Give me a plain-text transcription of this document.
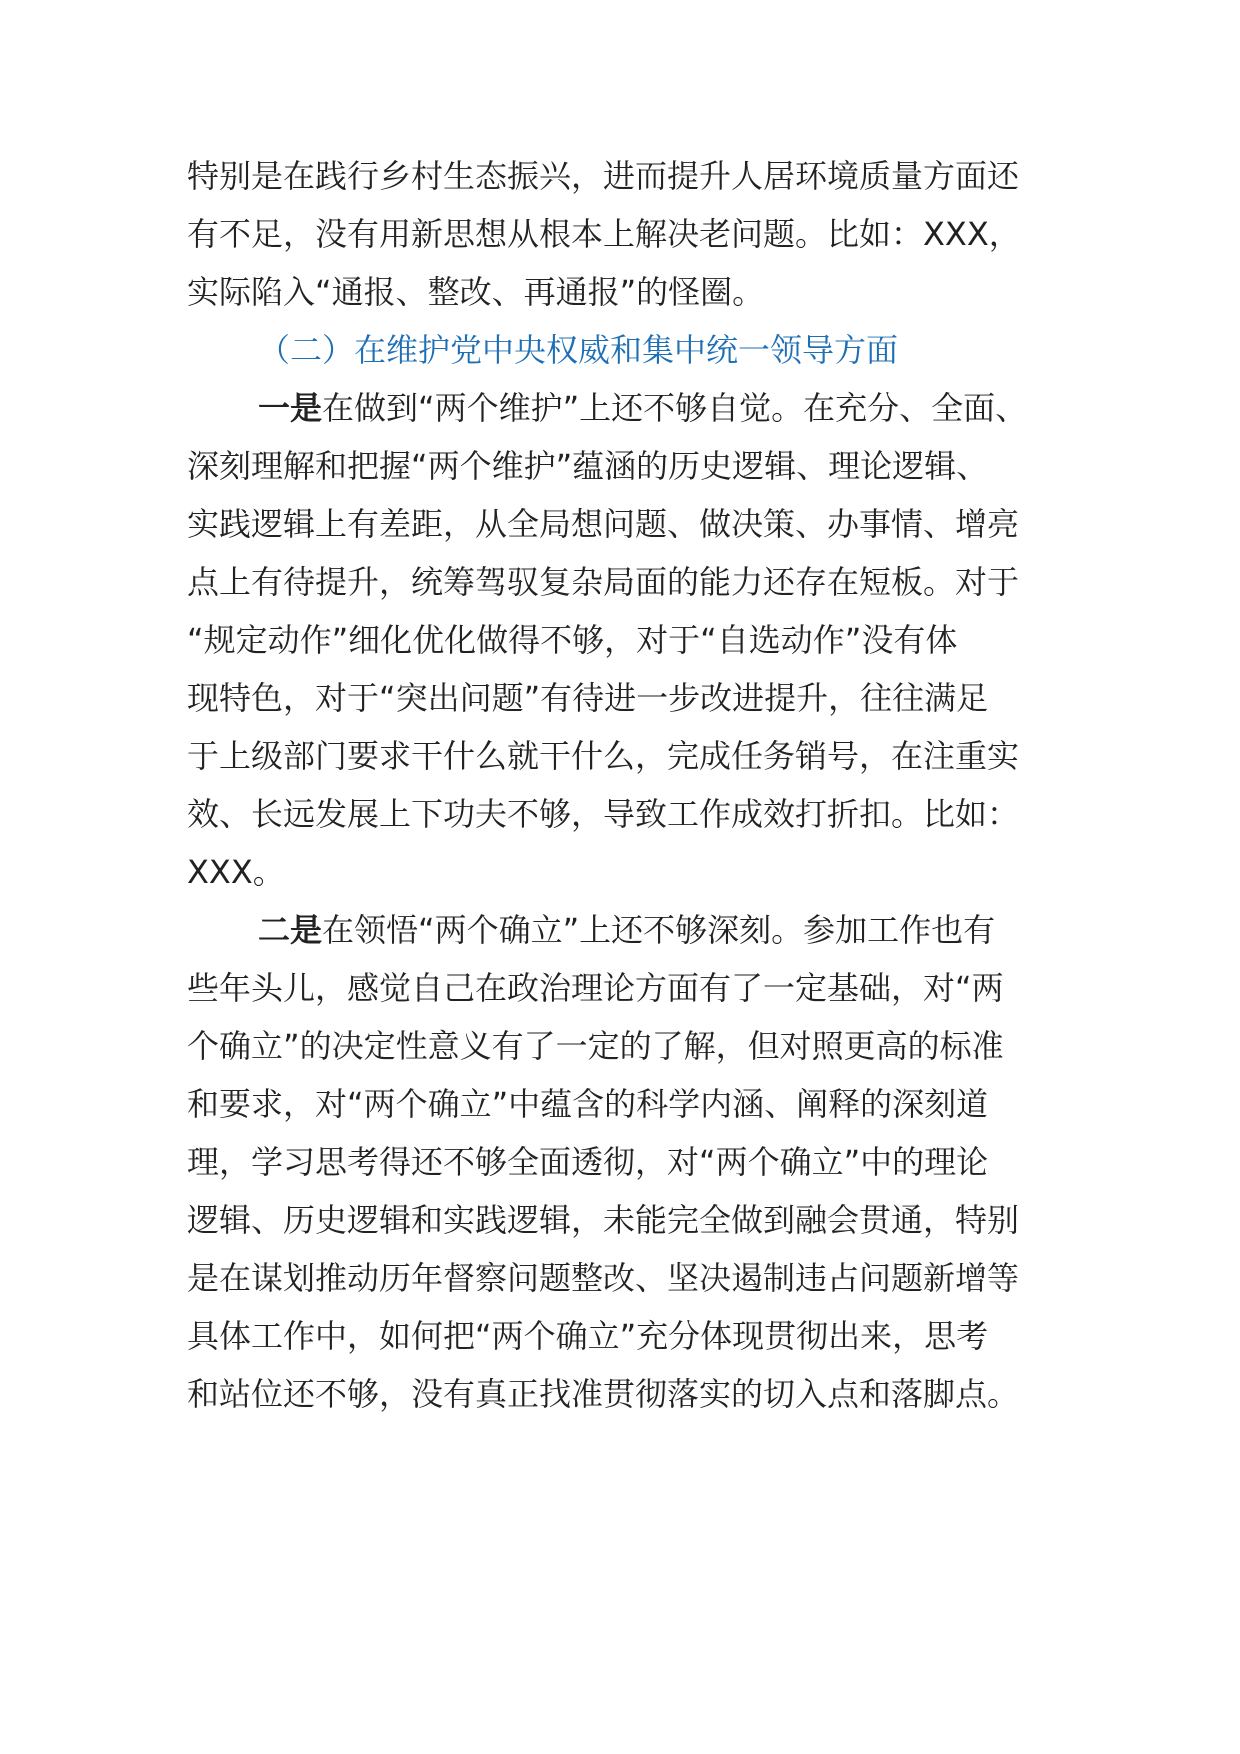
特别是在践行乡村生态振兴，进而提升人居环境质量方面还
有不足，没有用新思想从根本上解决老问题。比如：XXX，
实际陷入“通报、整改、再通报”的怪圈。
（二）在维护党中央权威和集中统一领导方面
一是在做到“两个维护”上还不够自觉。在充分、全面、
深刻理解和把握“两个维护”蕴涵的历史逻辑、理论逻辑、
实践逻辑上有差距，从全局想问题、做决策、办事情、增亮
点上有待提升，统筹驾驭复杂局面的能力还存在短板。对于
“规定动作”细化优化做得不够，对于“自选动作”没有体
现特色，对于“突出问题”有待进一步改进提升，往往满足
于上级部门要求干什么就干什么，完成任务销号，在注重实
效、长远发展上下功夫不够，导致工作成效打折扣。比如：
XXX。
二是在领悟“两个确立”上还不够深刻。参加工作也有
些年头儿，感觉自己在政治理论方面有了一定基础，对“两
个确立”的决定性意义有了一定的了解，但对照更高的标准
和要求，对“两个确立”中蕴含的科学内涵、阐释的深刻道
理，学习思考得还不够全面透彻，对“两个确立”中的理论
逻辑、历史逻辑和实践逻辑，未能完全做到融会贯通，特别
是在谋划推动历年督察问题整改、坚决遏制违占问题新增等
具体工作中，如何把“两个确立”充分体现贯彻出来，思考
和站位还不够，没有真正找准贯彻落实的切入点和落脚点。
